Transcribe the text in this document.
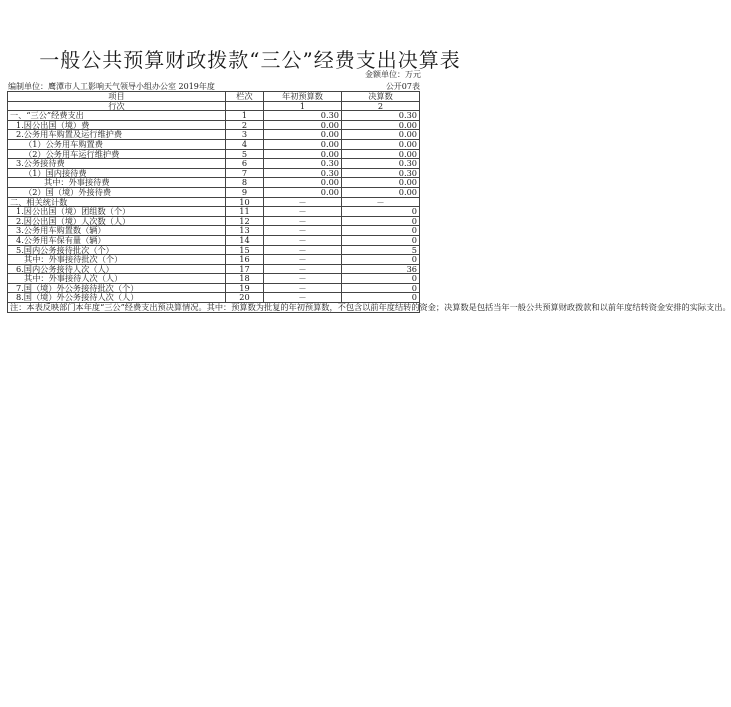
一般公共预算财政拨款“三公”经费支出决算表
金额单位：万元
编制单位：鹰潭市人工影响天气领导小组办公室 2019年度	公开07表
项目	栏次	年初预算数	决算数
行次		1	2
一、“三公”经费支出	1	0.30	0.30
1.因公出国（境）费	2	0.00	0.00
2.公务用车购置及运行维护费	3	0.00	0.00
（1）公务用车购置费	4	0.00	0.00
（2）公务用车运行维护费	5	0.00	0.00
3.公务接待费	6	0.30	0.30
（1）国内接待费	7	0.30	0.30
其中：外事接待费	8	0.00	0.00
（2）国（境）外接待费	9	0.00	0.00
二、相关统计数	10	－	－
1.因公出国（境）团组数（个）	11	－	0
2.因公出国（境）人次数（人）	12	－	0
3.公务用车购置数（辆）	13	－	0
4.公务用车保有量（辆）	14	－	0
5.国内公务接待批次（个）	15	－	5
其中：外事接待批次（个）	16	－	0
6.国内公务接待人次（人）	17	－	36
其中：外事接待人次（人）	18	－	0
7.国（境）外公务接待批次（个）	19	－	0
8.国（境）外公务接待人次（人）	20	－	0
注：本表反映部门本年度“三公”经费支出预决算情况。其中：预算数为批复的年初预算数，不包含以前年度结转的资金；决算数是包括当年一般公共预算财政拨款和以前年度结转资金安排的实际支出。			
